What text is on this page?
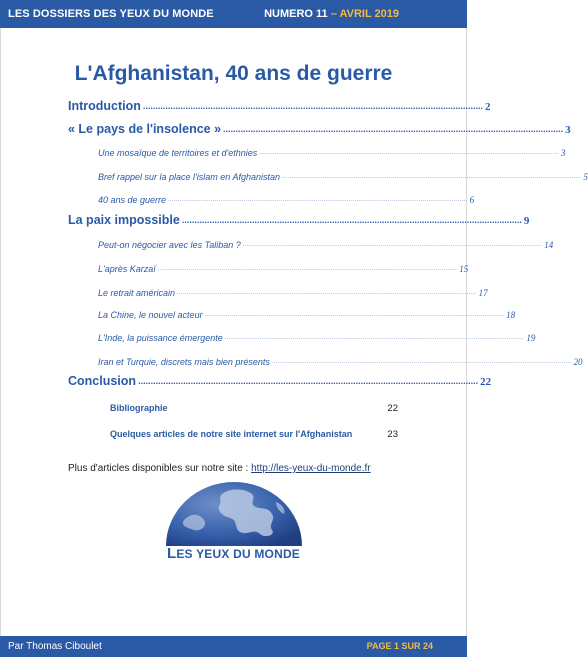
LES DOSSIERS DES YEUX DU MONDE	NUMERO 11 – AVRIL 2019
L'Afghanistan, 40 ans de guerre
Introduction ........................................................................................................................................ 2
« Le pays de l'insolence » ........................................................................................................................................ 3
Une mosaïque de territoires et d'ethnies .......................................................................................................................................................... 3
Bref rappel sur la place l'islam en Afghanistan .......................................................................................................................................................... 5
40 ans de guerre .......................................................................................................................................................... 6
La paix impossible ........................................................................................................................................ 9
Peut-on négocier avec les Taliban ? .......................................................................................................................................................... 14
L'après Karzaï .......................................................................................................................................................... 15
Le retrait américain .......................................................................................................................................................... 17
La Chine, le nouvel acteur .......................................................................................................................................................... 18
L'Inde, la puissance émergente .......................................................................................................................................................... 19
Iran et Turquie, discrets mais bien présents .......................................................................................................................................................... 20
Conclusion ........................................................................................................................................ 22
Bibliographie	22
Quelques articles de notre site internet sur l'Afghanistan	23
Plus d'articles disponibles sur notre site : http://les-yeux-du-monde.fr
LES YEUX DU MONDE
Par Thomas Ciboulet	PAGE 1 SUR 24
